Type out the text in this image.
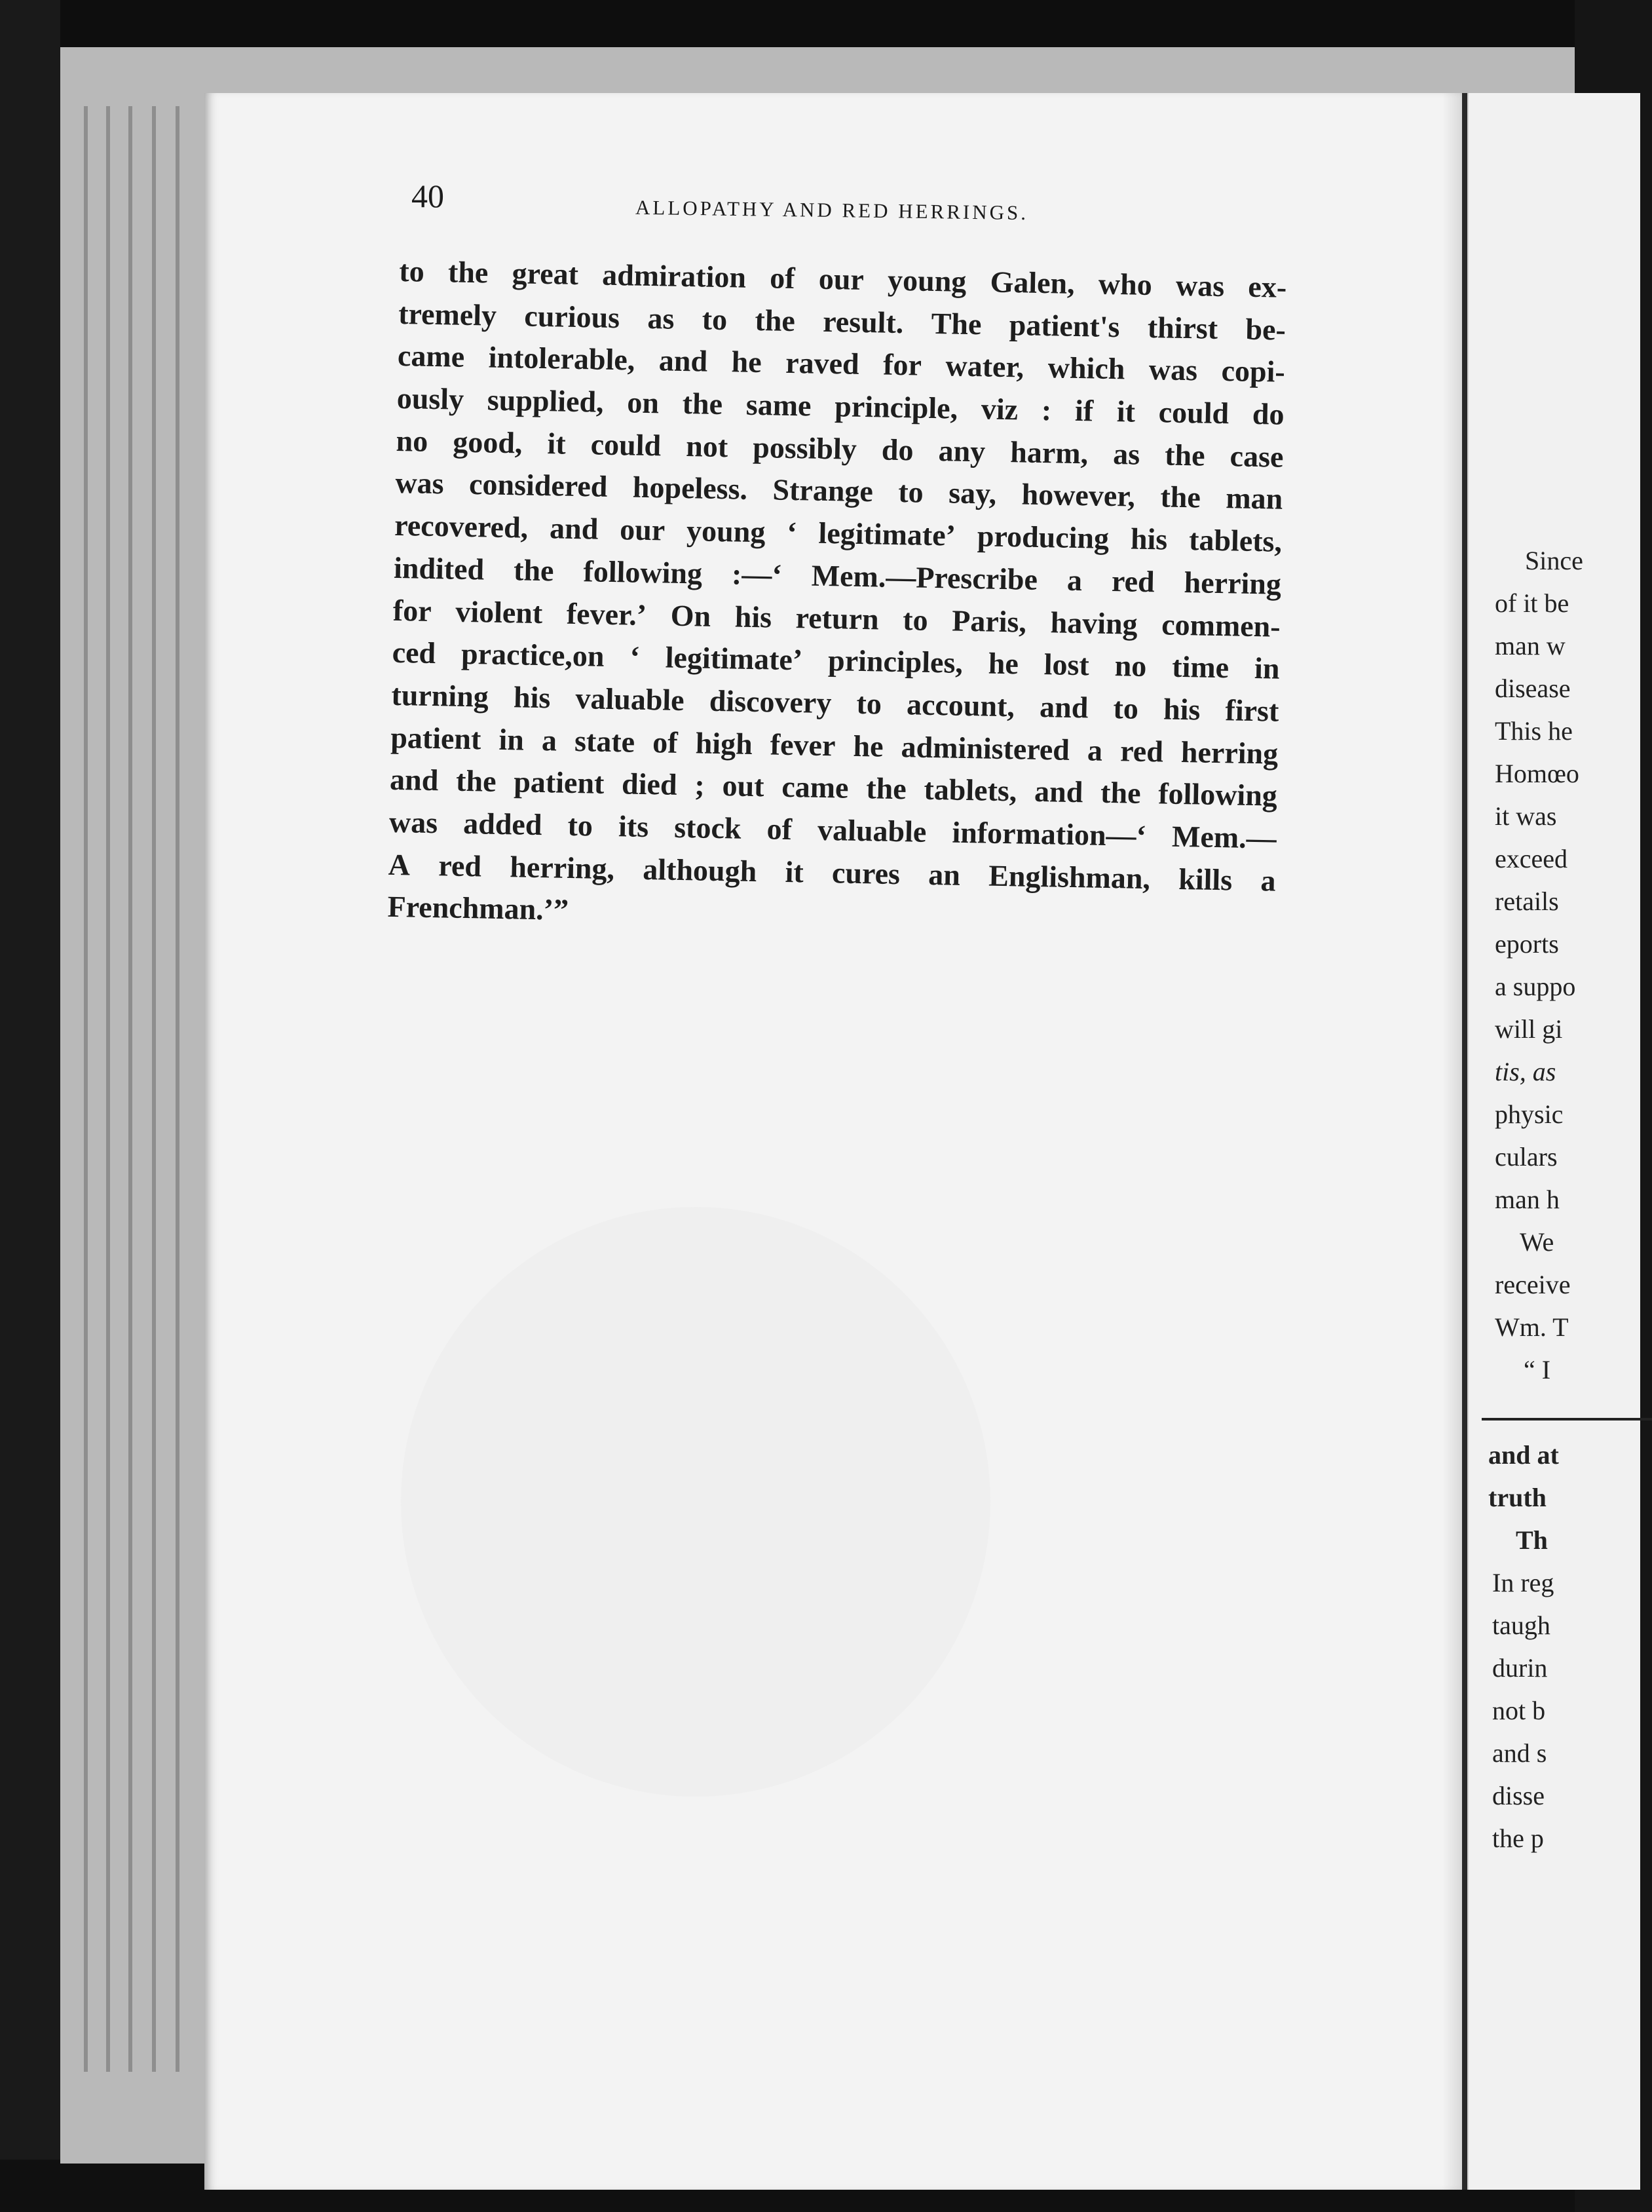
Since
of it be
man w
disease
This he
Homœo
it was
exceed
retails
eports
a suppo
will gi
tis, as
physic
culars
man h
We
receive
Wm. T
“ I
and at
truth
Th
In reg
taugh
durin
not b
and s
disse
the p
40	ALLOPATHY AND RED HERRINGS.
to the great admiration of our young Galen, who was ex-
tremely curious as to the result. The patient's thirst be-
came intolerable, and he raved for water, which was copi-
ously supplied, on the same principle, viz : if it could do
no good, it could not possibly do any harm, as the case
was considered hopeless. Strange to say, however, the man
recovered, and our young ‘ legitimate’ producing his tablets,
indited the following :—‘ Mem.—Prescribe a red herring
for violent fever.’ On his return to Paris, having commen-
ced practice,on ‘ legitimate’ principles, he lost no time in
turning his valuable discovery to account, and to his first
patient in a state of high fever he administered a red herring
and the patient died ; out came the tablets, and the following
was added to its stock of valuable information—‘ Mem.—
A red herring, although it cures an Englishman, kills a
Frenchman.’”
